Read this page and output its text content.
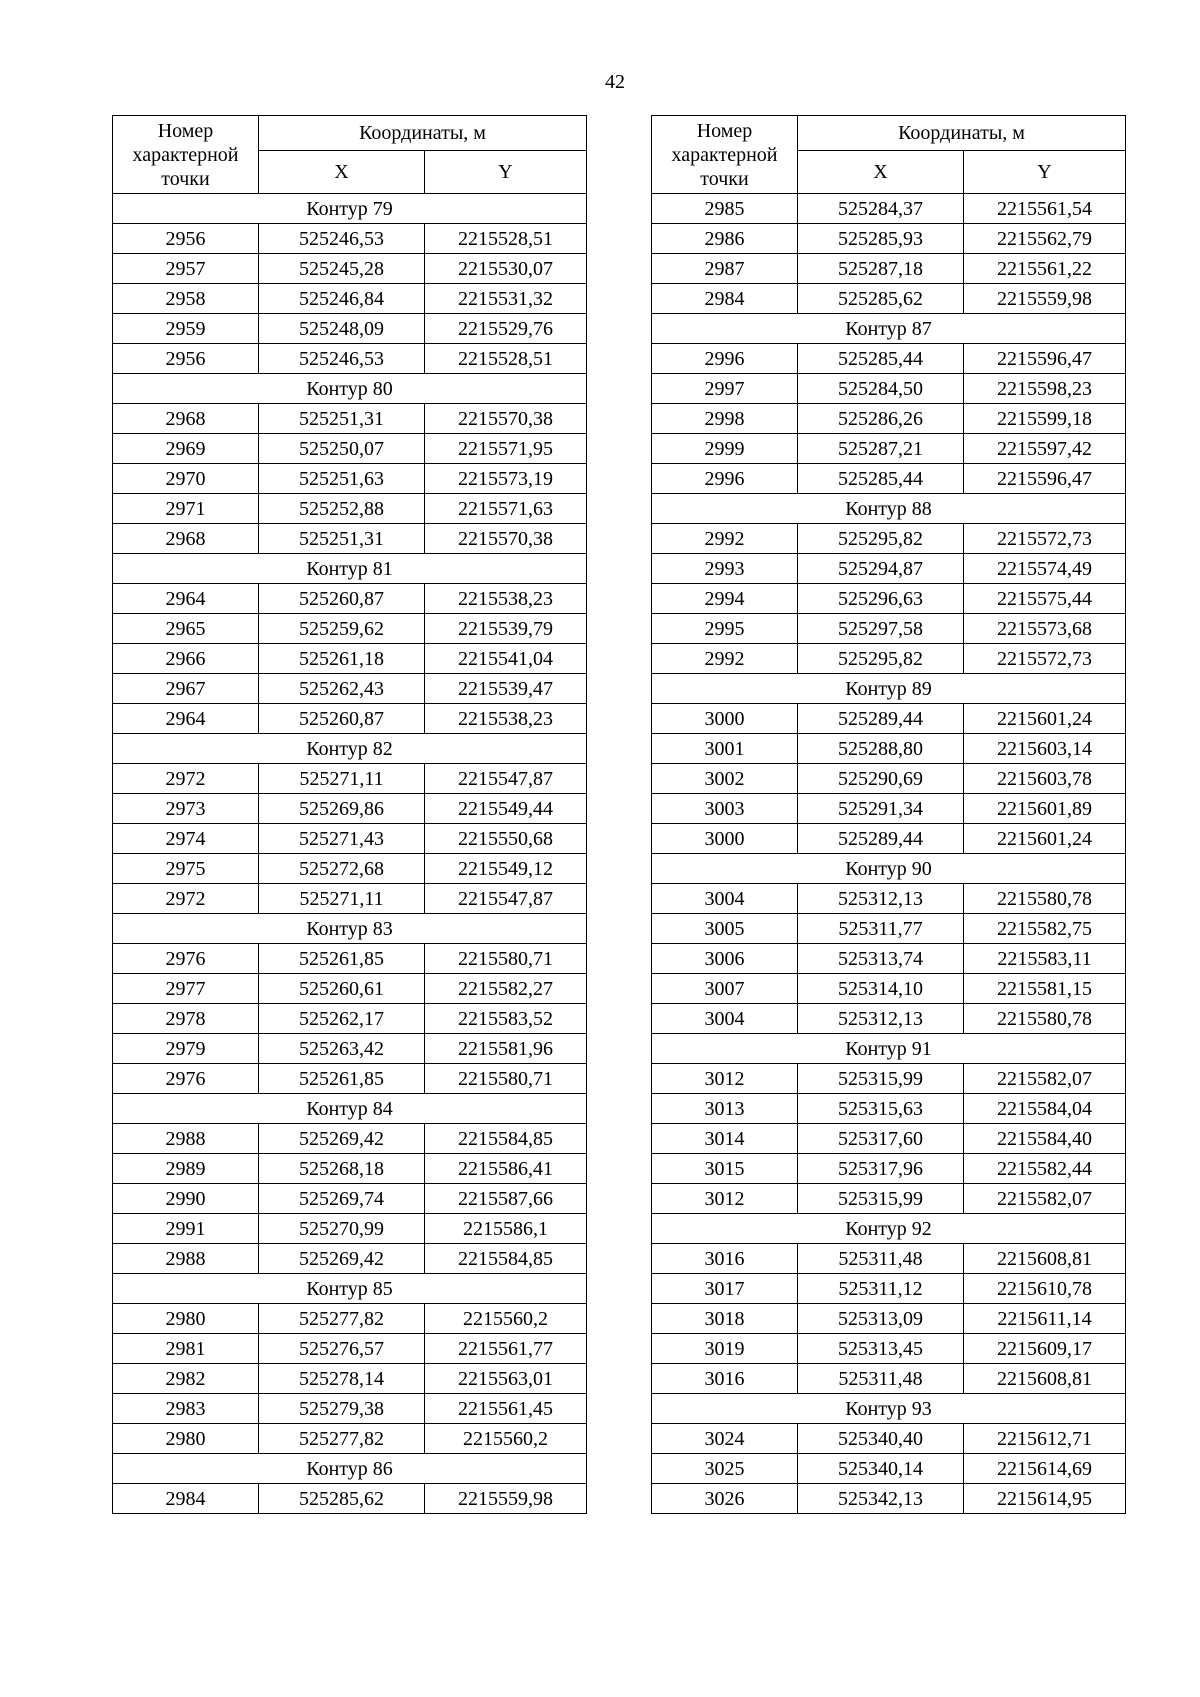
42
Номер характерной точки	Координаты, м	
	X	Y
Контур 79		
2956	525246,53	2215528,51
2957	525245,28	2215530,07
2958	525246,84	2215531,32
2959	525248,09	2215529,76
2956	525246,53	2215528,51
Контур 80		
2968	525251,31	2215570,38
2969	525250,07	2215571,95
2970	525251,63	2215573,19
2971	525252,88	2215571,63
2968	525251,31	2215570,38
Контур 81		
2964	525260,87	2215538,23
2965	525259,62	2215539,79
2966	525261,18	2215541,04
2967	525262,43	2215539,47
2964	525260,87	2215538,23
Контур 82		
2972	525271,11	2215547,87
2973	525269,86	2215549,44
2974	525271,43	2215550,68
2975	525272,68	2215549,12
2972	525271,11	2215547,87
Контур 83		
2976	525261,85	2215580,71
2977	525260,61	2215582,27
2978	525262,17	2215583,52
2979	525263,42	2215581,96
2976	525261,85	2215580,71
Контур 84		
2988	525269,42	2215584,85
2989	525268,18	2215586,41
2990	525269,74	2215587,66
2991	525270,99	2215586,1
2988	525269,42	2215584,85
Контур 85		
2980	525277,82	2215560,2
2981	525276,57	2215561,77
2982	525278,14	2215563,01
2983	525279,38	2215561,45
2980	525277,82	2215560,2
Контур 86		
2984	525285,62	2215559,98
Номер характерной точки	Координаты, м	
	X	Y
2985	525284,37	2215561,54
2986	525285,93	2215562,79
2987	525287,18	2215561,22
2984	525285,62	2215559,98
Контур 87		
2996	525285,44	2215596,47
2997	525284,50	2215598,23
2998	525286,26	2215599,18
2999	525287,21	2215597,42
2996	525285,44	2215596,47
Контур 88		
2992	525295,82	2215572,73
2993	525294,87	2215574,49
2994	525296,63	2215575,44
2995	525297,58	2215573,68
2992	525295,82	2215572,73
Контур 89		
3000	525289,44	2215601,24
3001	525288,80	2215603,14
3002	525290,69	2215603,78
3003	525291,34	2215601,89
3000	525289,44	2215601,24
Контур 90		
3004	525312,13	2215580,78
3005	525311,77	2215582,75
3006	525313,74	2215583,11
3007	525314,10	2215581,15
3004	525312,13	2215580,78
Контур 91		
3012	525315,99	2215582,07
3013	525315,63	2215584,04
3014	525317,60	2215584,40
3015	525317,96	2215582,44
3012	525315,99	2215582,07
Контур 92		
3016	525311,48	2215608,81
3017	525311,12	2215610,78
3018	525313,09	2215611,14
3019	525313,45	2215609,17
3016	525311,48	2215608,81
Контур 93		
3024	525340,40	2215612,71
3025	525340,14	2215614,69
3026	525342,13	2215614,95
